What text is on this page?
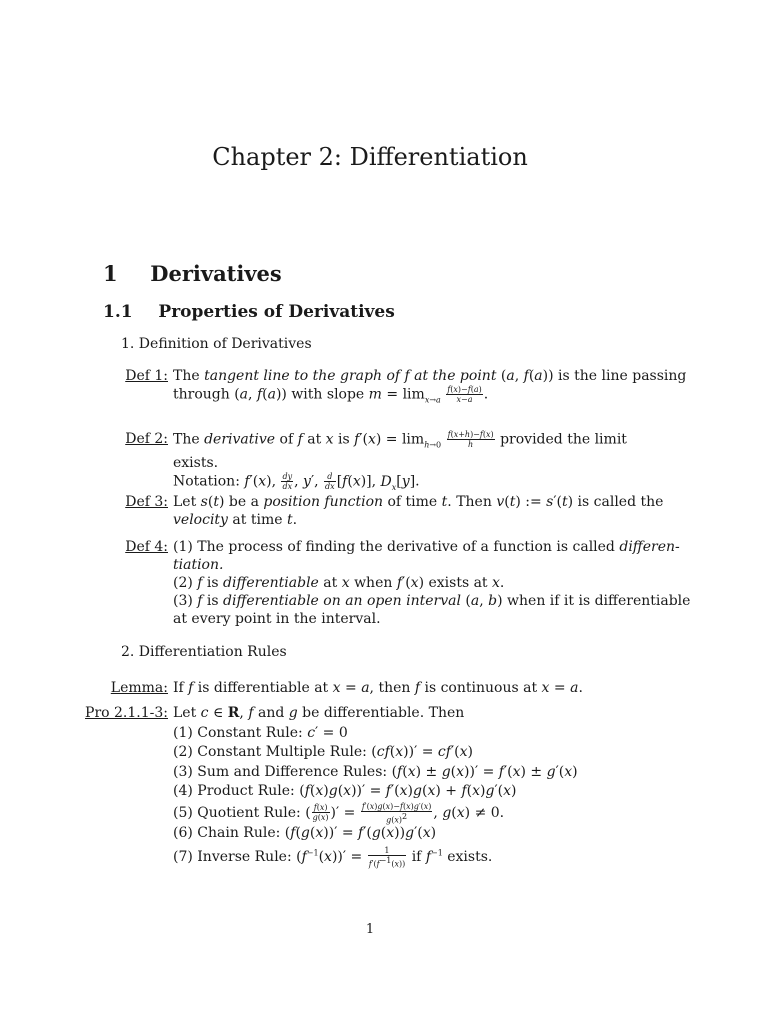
Chapter 2: Differentiation
1 Derivatives
1.1 Properties of Derivatives
1. Definition of Derivatives
Def 1: The tangent line to the graph of f at the point (a, f(a)) is the line passing
through (a, f(a)) with slope $m = \lim_{x\to a} \frac{f(x)-f(a)}{x-a}$ .
Def 2: The derivative of f at x is $f'(x) = \lim_{h\to 0} \frac{f(x+h)-f(x)}{h}$ provided the limit
exists.
Notation: f′(x), $\frac{dy}{dx}$ , y′, $\frac{d}{dx} [f(x)]$, $D_x[y]$.
Def 3: Let s(t) be a position function of time t. Then v(t) := s′(t) is called the
velocity at time t.
Def 4: (1) The process of finding the derivative of a function is called differen-
tiation.
(2) f is differentiable at x when f′(x) exists at x.
(3) f is differentiable on an open interval (a, b) when if it is differentiable
at every point in the interval.
2. Differentiation Rules
Lemma: If f is differentiable at x = a, then f is continuous at x = a.
Pro 2.1.1-3: Let c ∈ R, f and g be differentiable. Then
(1) Constant Rule: c′ = 0
(2) Constant Multiple Rule: (cf(x))′ = cf′(x)
(3) Sum and Difference Rules: (f(x) ± g(x))′ = f′(x) ± g′(x)
(4) Product Rule: (f(x)g(x))′ = f′(x)g(x) + f(x)g′(x)
(5) Quotient Rule: ( $\frac{f(x)}{g(x)}$ )′ = $\frac{f'(x)g(x)-f(x)g'(x)}{g(x)^2}$ , g(x) ≠ 0.
(6) Chain Rule: (f(g(x))′ = f′(g(x))g′(x)
(7) Inverse Rule: $(f^{-1}(x))' = \frac{1}{f'(f^{-1}(x))}$ if $f^{-1}$ exists.
1
